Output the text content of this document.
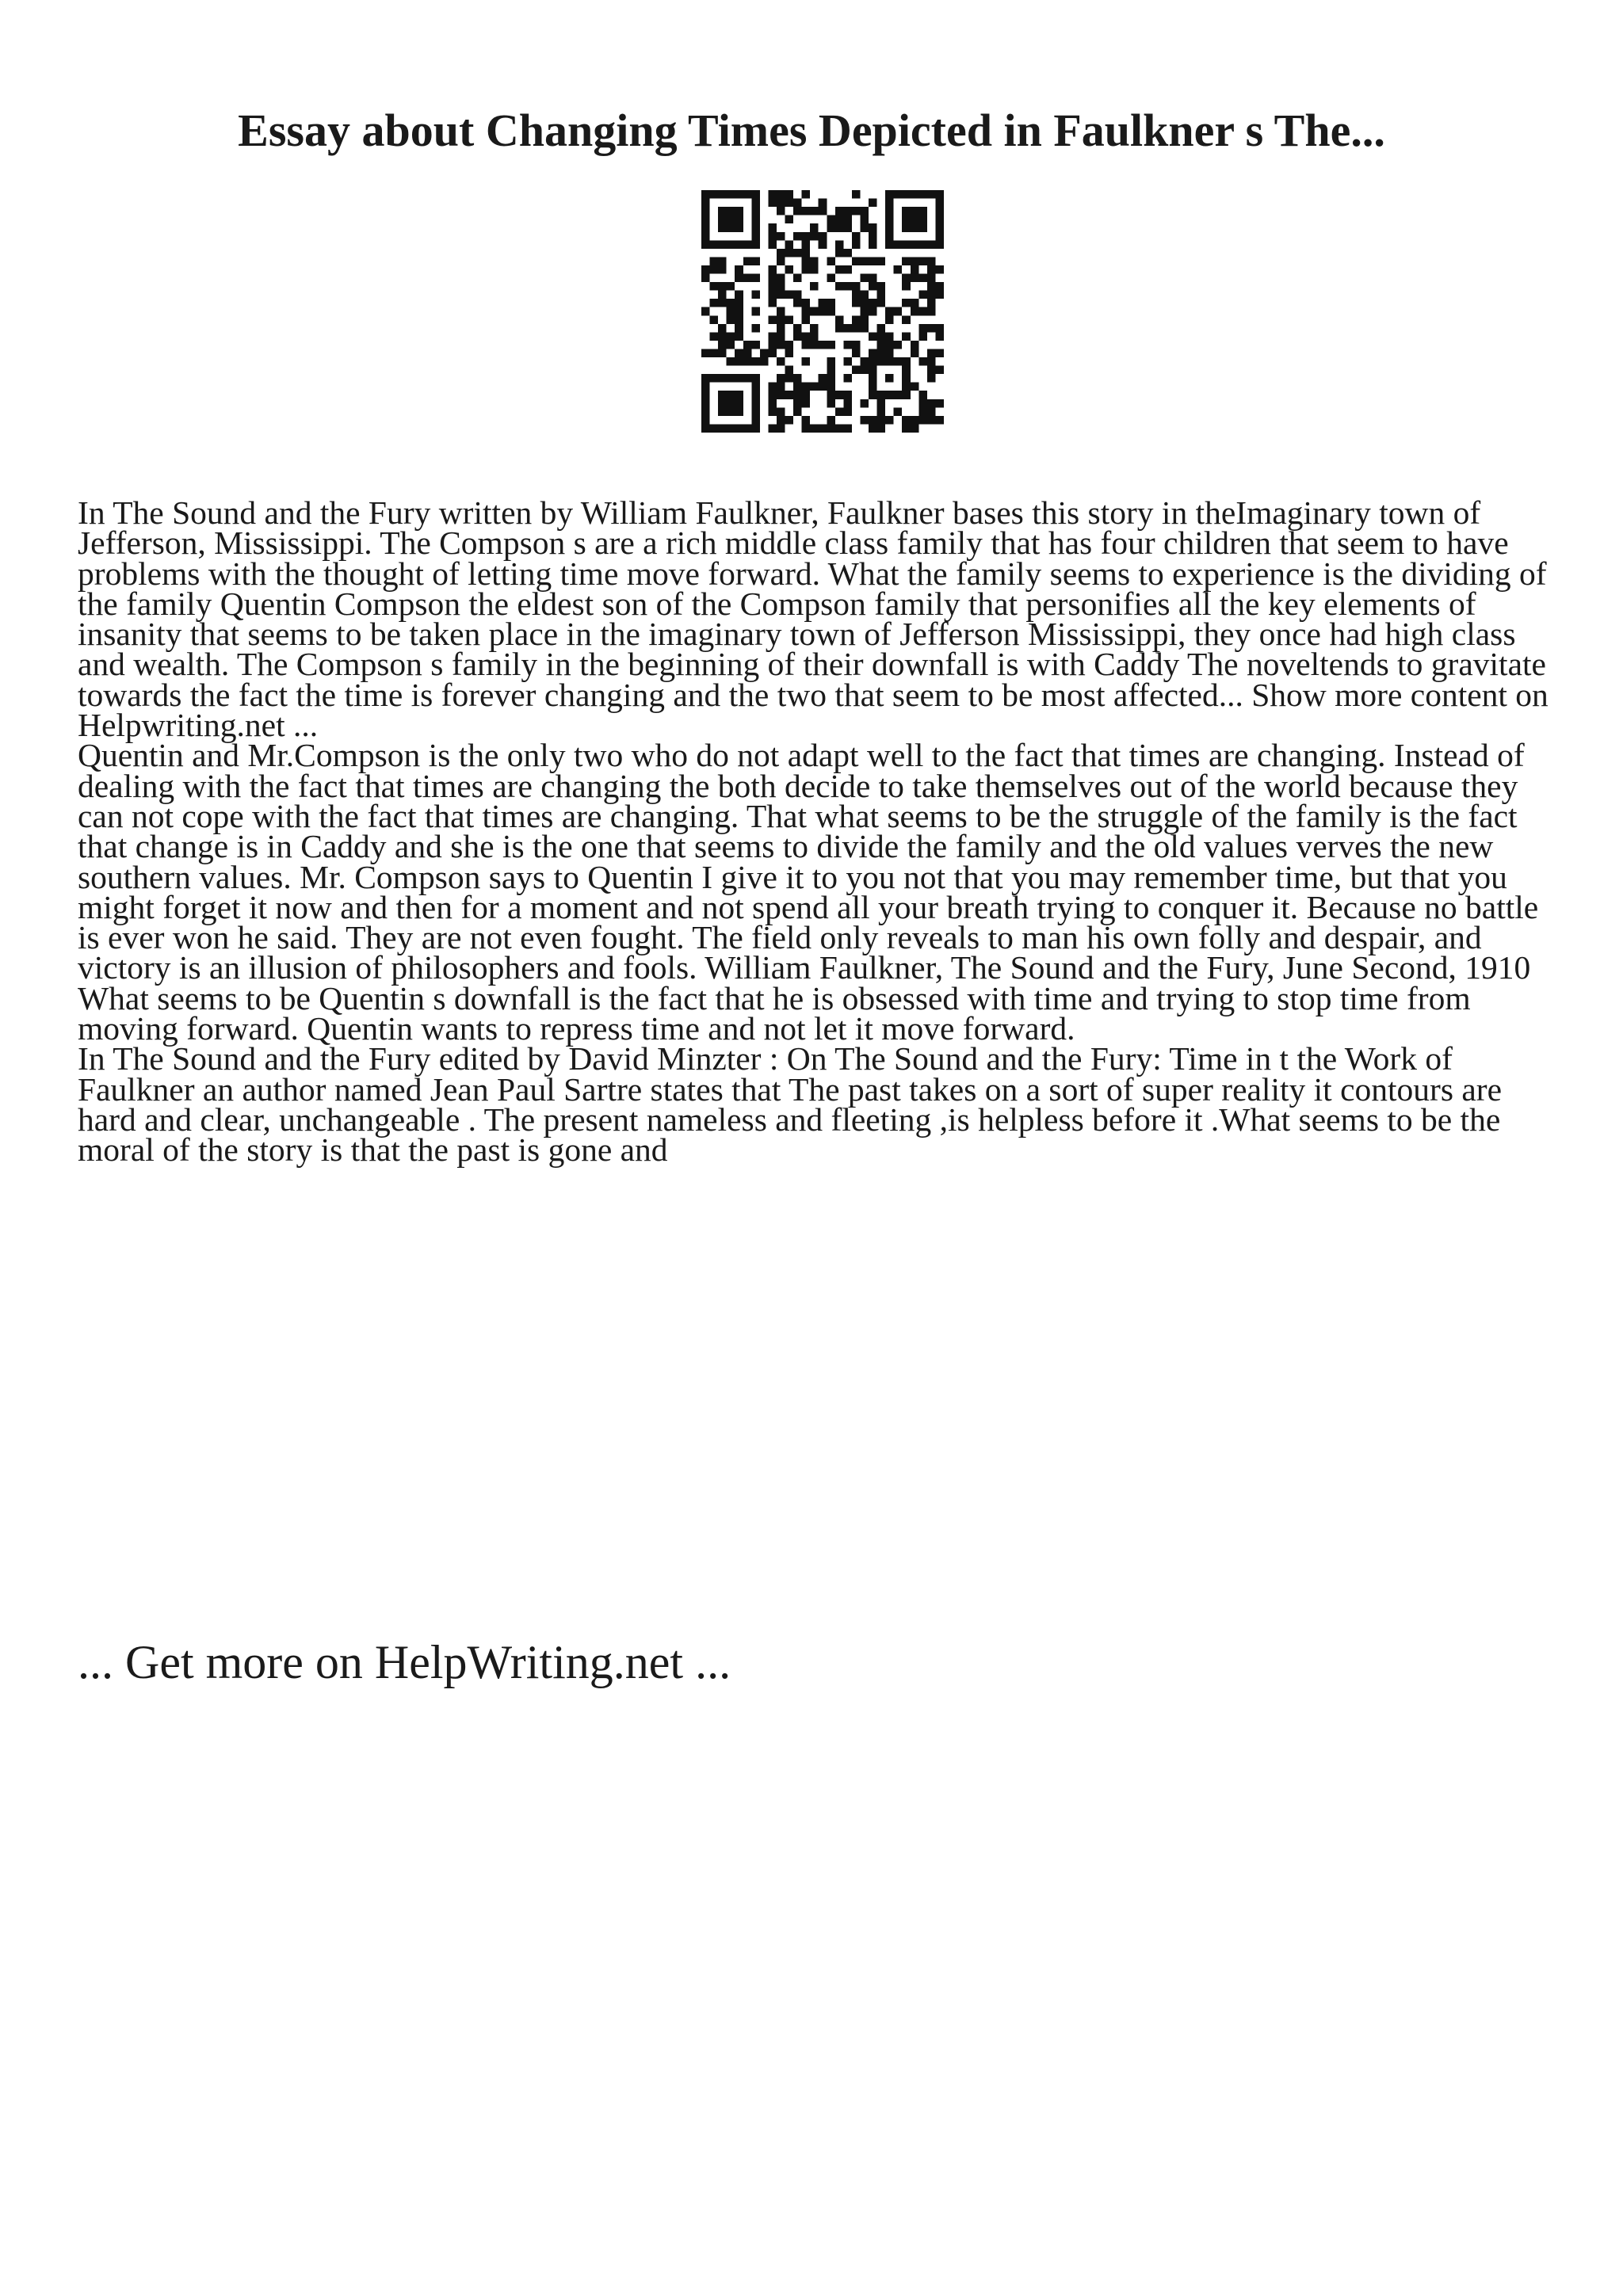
Essay about Changing Times Depicted in Faulkner s The...

In The Sound and the Fury written by William Faulkner, Faulkner bases this story in theImaginary town of Jefferson, Mississippi. The Compson s are a rich middle class family that has four children that seem to have problems with the thought of letting time move forward. What the family seems to experience is the dividing of the family Quentin Compson the eldest son of the Compson family that personifies all the key elements of insanity that seems to be taken place in the imaginary town of Jefferson Mississippi, they once had high class and wealth. The Compson s family in the beginning of their downfall is with Caddy The noveltends to gravitate towards the fact the time is forever changing and the two that seem to be most affected... Show more content on Helpwriting.net ...

Quentin and Mr.Compson is the only two who do not adapt well to the fact that times are changing. Instead of dealing with the fact that times are changing the both decide to take themselves out of the world because they can not cope with the fact that times are changing. That what seems to be the struggle of the family is the fact that change is in Caddy and she is the one that seems to divide the family and the old values verves the new southern values. Mr. Compson says to Quentin I give it to you not that you may remember time, but that you might forget it now and then for a moment and not spend all your breath trying to conquer it. Because no battle is ever won he said. They are not even fought. The field only reveals to man his own folly and despair, and victory is an illusion of philosophers and fools. William Faulkner, The Sound and the Fury, June Second, 1910 What seems to be Quentin s downfall is the fact that he is obsessed with time and trying to stop time from moving forward. Quentin wants to repress time and not let it move forward.

In The Sound and the Fury edited by David Minzter : On The Sound and the Fury: Time in t the Work of Faulkner an author named Jean Paul Sartre states that The past takes on a sort of super reality it contours are hard and clear, unchangeable . The present nameless and fleeting ,is helpless before it .What seems to be the moral of the story is that the past is gone and

... Get more on HelpWriting.net ...
